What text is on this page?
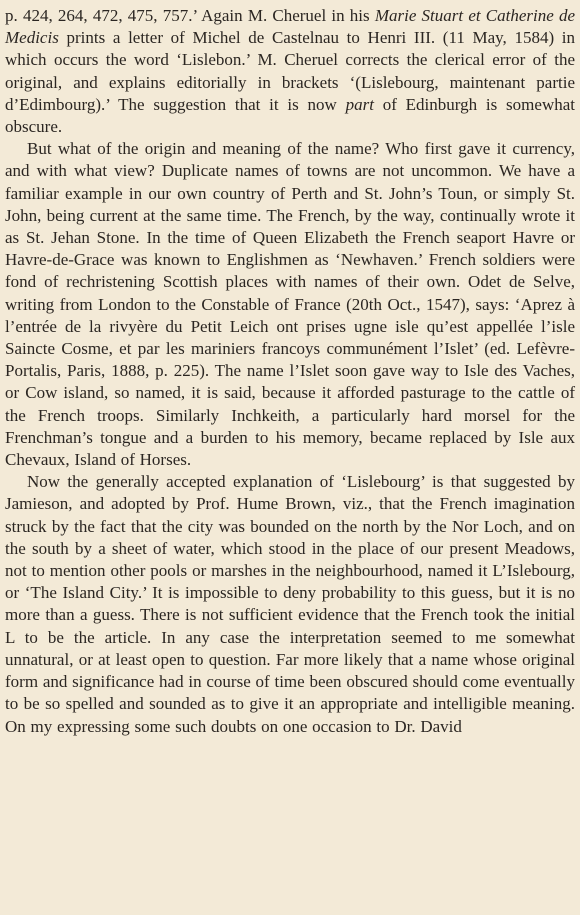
p. 424, 264, 472, 475, 757.’ Again M. Cheruel in his Marie Stuart et Catherine de Medicis prints a letter of Michel de Castelnau to Henri III. (11 May, 1584) in which occurs the word ‘Lislebon.’ M. Cheruel corrects the clerical error of the original, and explains editorially in brackets ‘(Lislebourg, maintenant partie d’Edimbourg).’ The suggestion that it is now part of Edinburgh is somewhat obscure.

But what of the origin and meaning of the name? Who first gave it currency, and with what view? Duplicate names of towns are not uncommon. We have a familiar example in our own country of Perth and St. John’s Toun, or simply St. John, being current at the same time. The French, by the way, continually wrote it as St. Jehan Stone. In the time of Queen Elizabeth the French seaport Havre or Havre-de-Grace was known to Englishmen as ‘Newhaven.’ French soldiers were fond of rechristening Scottish places with names of their own. Odet de Selve, writing from London to the Constable of France (20th Oct., 1547), says: ‘Aprez à l’entrée de la rivyère du Petit Leich ont prises ugne isle qu’est appellée l’isle Saincte Cosme, et par les mariniers francoys communément l’Islet’ (ed. Lefèvre-Portalis, Paris, 1888, p. 225). The name l’Islet soon gave way to Isle des Vaches, or Cow island, so named, it is said, because it afforded pasturage to the cattle of the French troops. Similarly Inchkeith, a particularly hard morsel for the Frenchman’s tongue and a burden to his memory, became replaced by Isle aux Chevaux, Island of Horses.

Now the generally accepted explanation of ‘Lislebourg’ is that suggested by Jamieson, and adopted by Prof. Hume Brown, viz., that the French imagination struck by the fact that the city was bounded on the north by the Nor Loch, and on the south by a sheet of water, which stood in the place of our present Meadows, not to mention other pools or marshes in the neighbourhood, named it L’Islebourg, or ‘The Island City.’ It is impossible to deny probability to this guess, but it is no more than a guess. There is not sufficient evidence that the French took the initial L to be the article. In any case the interpretation seemed to me somewhat unnatural, or at least open to question. Far more likely that a name whose original form and significance had in course of time been obscured should come eventually to be so spelled and sounded as to give it an appropriate and intelligible meaning. On my expressing some such doubts on one occasion to Dr. David
